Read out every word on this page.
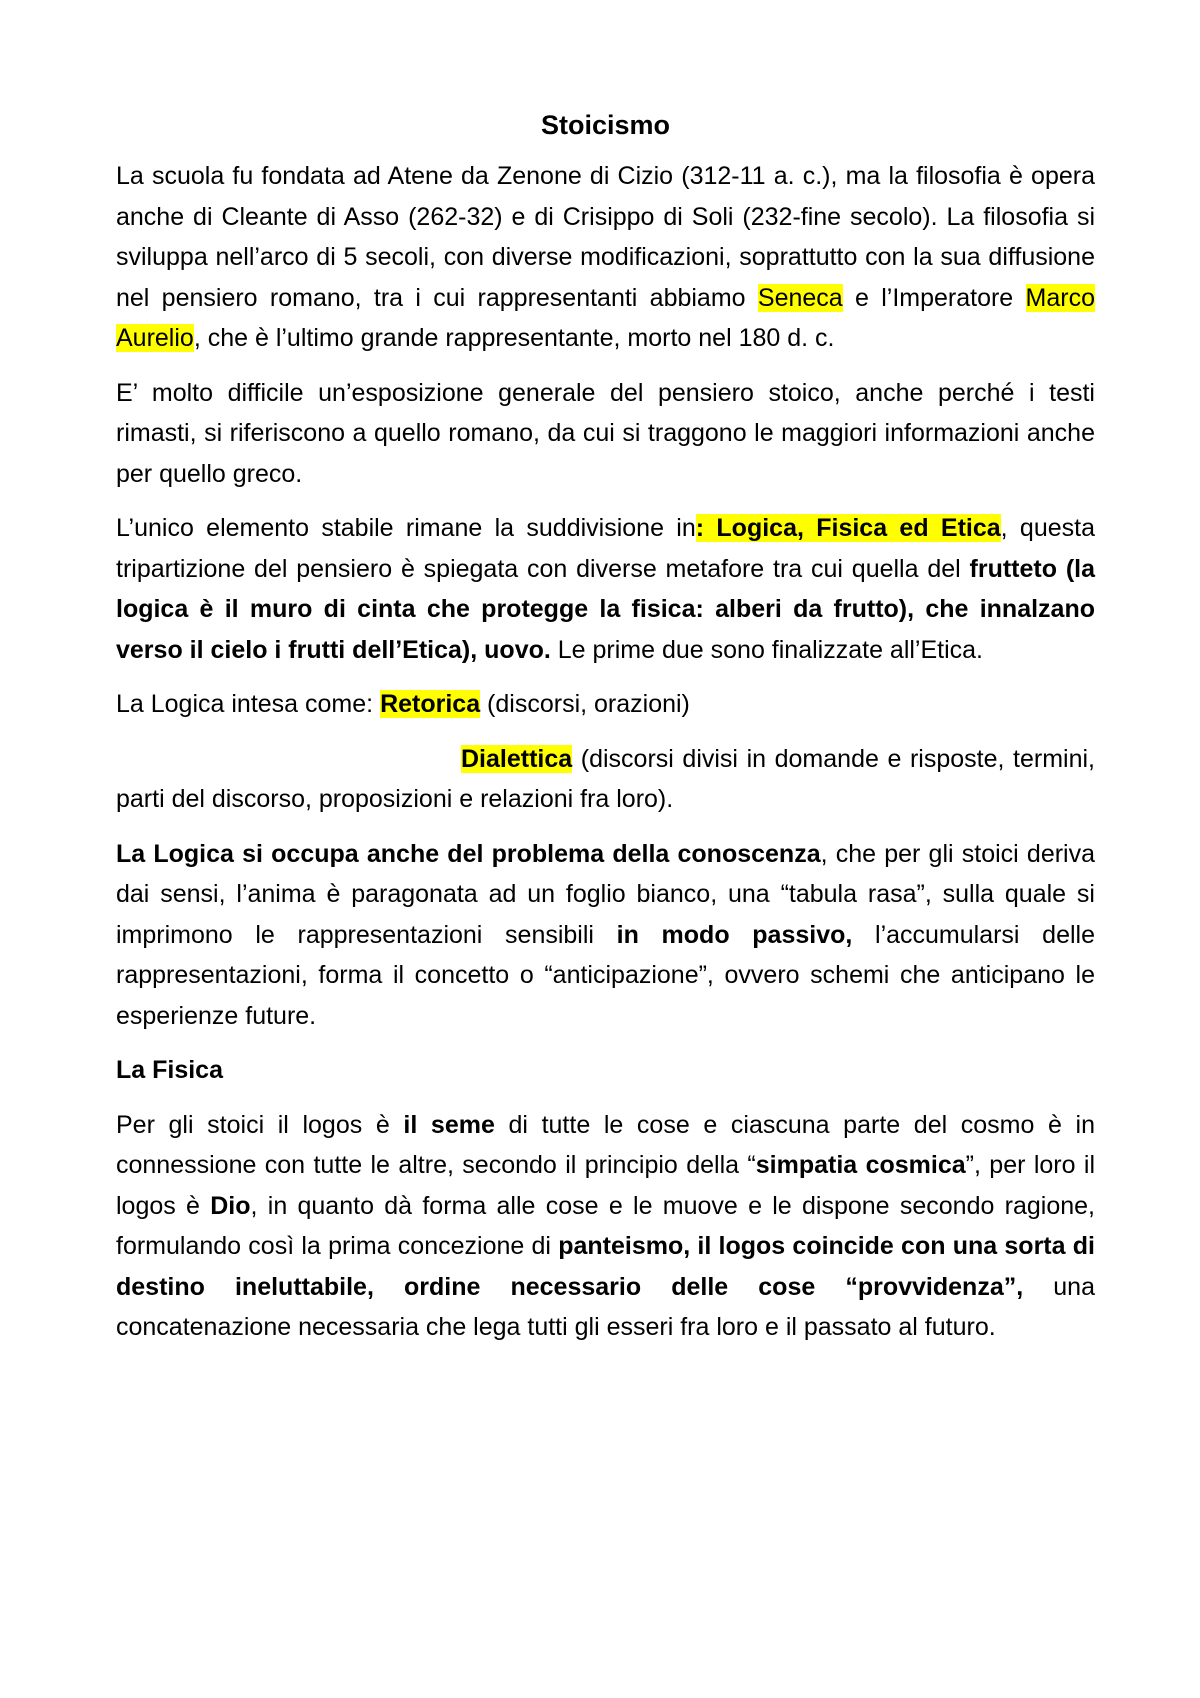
Stoicismo

La scuola fu fondata ad Atene da Zenone di Cizio (312-11 a. c.), ma la filosofia è opera anche di Cleante di Asso (262-32) e di Crisippo di Soli (232-fine secolo). La filosofia si sviluppa nell’arco di 5 secoli, con diverse modificazioni, soprattutto con la sua diffusione nel pensiero romano, tra i cui rappresentanti abbiamo Seneca e l’Imperatore Marco Aurelio, che è l’ultimo grande rappresentante, morto nel 180 d. c.

E’ molto difficile un’esposizione generale del pensiero stoico, anche perché i testi rimasti, si riferiscono a quello romano, da cui si traggono le maggiori informazioni anche per quello greco.

L’unico elemento stabile rimane la suddivisione in: Logica, Fisica ed Etica, questa tripartizione del pensiero è spiegata con diverse metafore tra cui quella del frutteto (la logica è il muro di cinta che protegge la fisica: alberi da frutto), che innalzano verso il cielo i frutti dell’Etica), uovo. Le prime due sono finalizzate all’Etica.

La Logica intesa come: Retorica (discorsi, orazioni)

Dialettica (discorsi divisi in domande e risposte, termini, parti del discorso, proposizioni e relazioni fra loro).

La Logica si occupa anche del problema della conoscenza, che per gli stoici deriva dai sensi, l’anima è paragonata ad un foglio bianco, una “tabula rasa”, sulla quale si imprimono le rappresentazioni sensibili in modo passivo, l’accumularsi delle rappresentazioni, forma il concetto o “anticipazione”, ovvero schemi che anticipano le esperienze future.

La Fisica

Per gli stoici il logos è il seme di tutte le cose e ciascuna parte del cosmo è in connessione con tutte le altre, secondo il principio della “simpatia cosmica”, per loro il logos è Dio, in quanto dà forma alle cose e le muove e le dispone secondo ragione, formulando così la prima concezione di panteismo, il logos coincide con una sorta di destino ineluttabile, ordine necessario delle cose “provvidenza”, una concatenazione necessaria che lega tutti gli esseri fra loro e il passato al futuro.
